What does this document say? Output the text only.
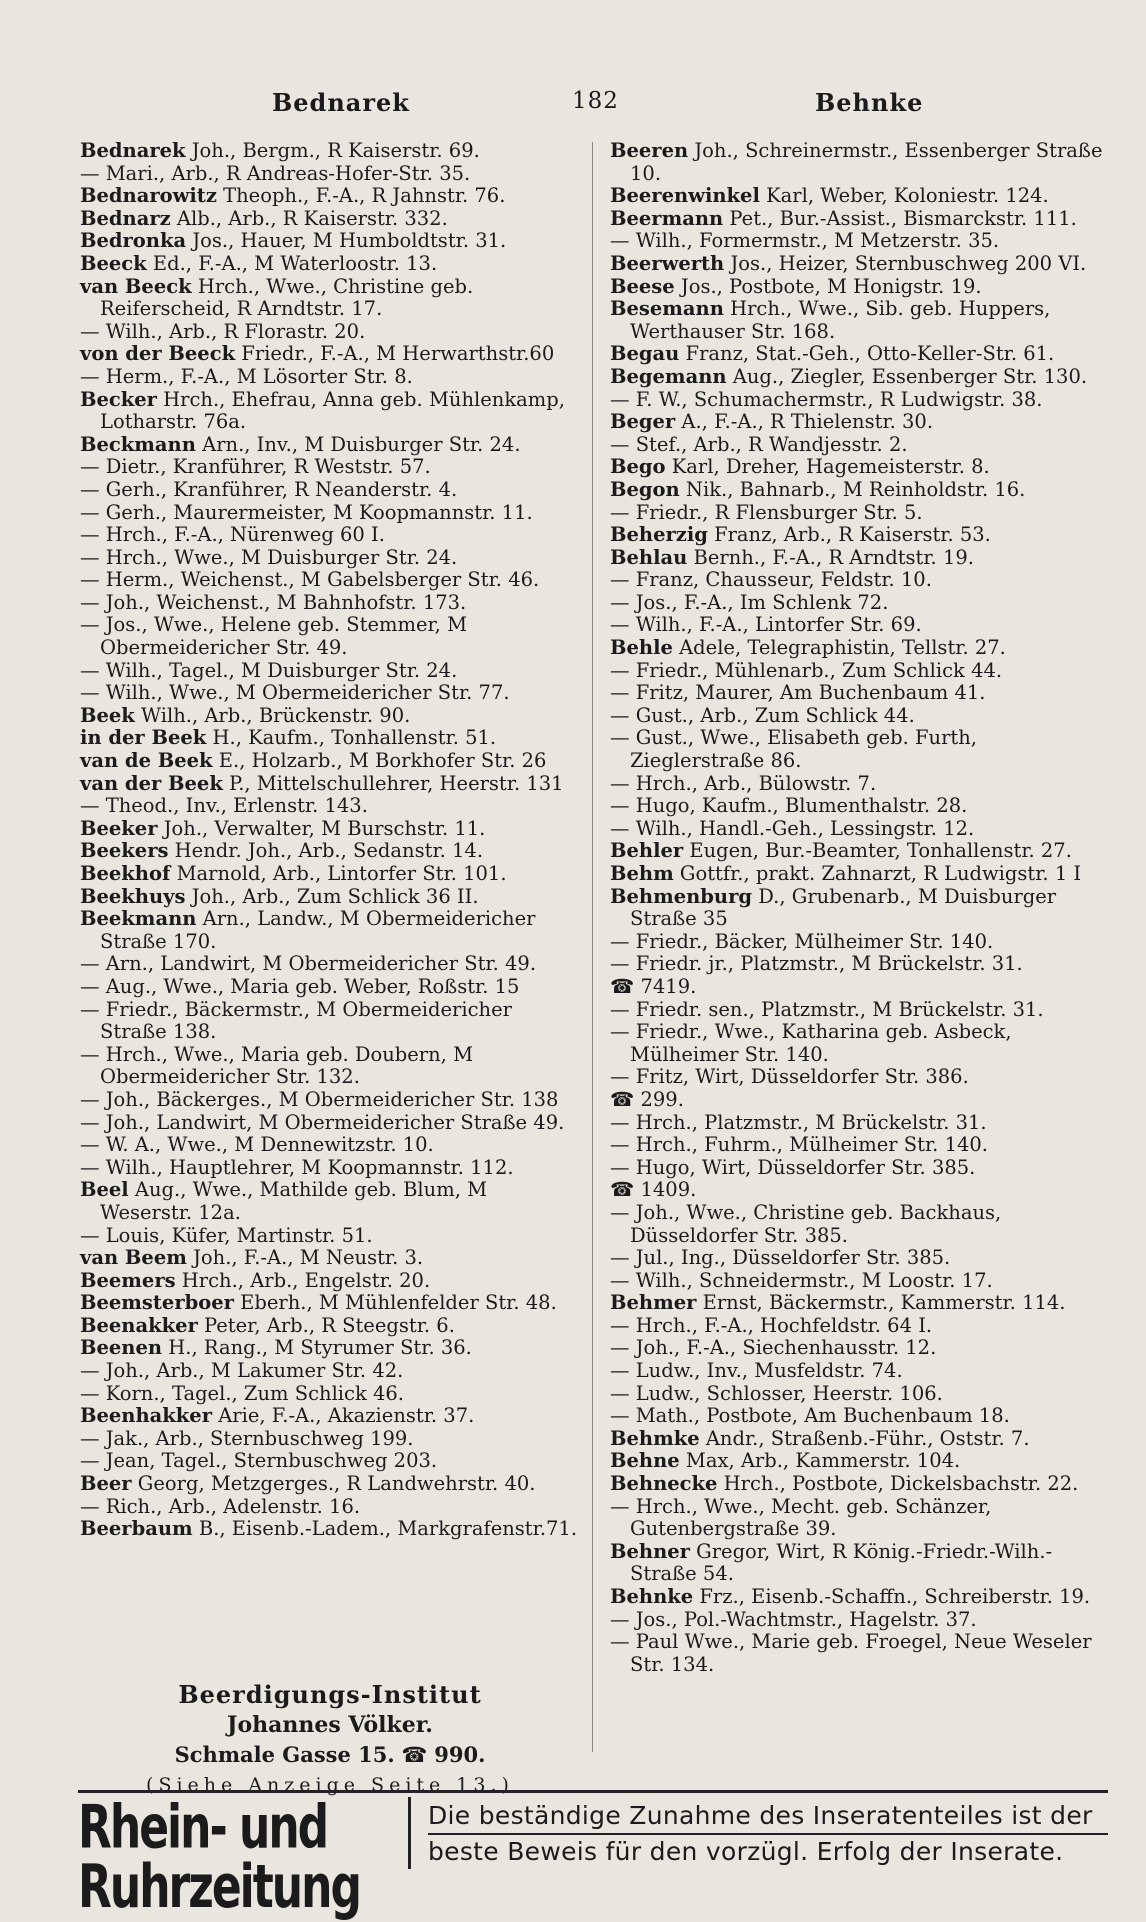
Bednarek	182	Behnke
Bednarek Joh., Bergm., R Kaiserstr. 69.
— Mari., Arb., R Andreas-Hofer-Str. 35.
Bednarowitz Theoph., F.-A., R Jahnstr. 76.
Bednarz Alb., Arb., R Kaiserstr. 332.
Bedronka Jos., Hauer, M Humboldtstr. 31.
Beeck Ed., F.-A., M Waterloostr. 13.
van Beeck Hrch., Wwe., Christine geb. Reiferscheid, R Arndtstr. 17.
— Wilh., Arb., R Florastr. 20.
von der Beeck Friedr., F.-A., M Herwarthstr.60
— Herm., F.-A., M Lösorter Str. 8.
Becker Hrch., Ehefrau, Anna geb. Mühlenkamp, Lotharstr. 76a.
Beckmann Arn., Inv., M Duisburger Str. 24.
— Dietr., Kranführer, R Weststr. 57.
— Gerh., Kranführer, R Neanderstr. 4.
— Gerh., Maurermeister, M Koopmannstr. 11.
— Hrch., F.-A., Nürenweg 60 I.
— Hrch., Wwe., M Duisburger Str. 24.
— Herm., Weichenst., M Gabelsberger Str. 46.
— Joh., Weichenst., M Bahnhofstr. 173.
— Jos., Wwe., Helene geb. Stemmer, M Obermeidericher Str. 49.
— Wilh., Tagel., M Duisburger Str. 24.
— Wilh., Wwe., M Obermeidericher Str. 77.
Beek Wilh., Arb., Brückenstr. 90.
in der Beek H., Kaufm., Tonhallenstr. 51.
van de Beek E., Holzarb., M Borkhofer Str. 26
van der Beek P., Mittelschullehrer, Heerstr. 131
— Theod., Inv., Erlenstr. 143.
Beeker Joh., Verwalter, M Burschstr. 11.
Beekers Hendr. Joh., Arb., Sedanstr. 14.
Beekhof Marnold, Arb., Lintorfer Str. 101.
Beekhuys Joh., Arb., Zum Schlick 36 II.
Beekmann Arn., Landw., M Obermeidericher Straße 170.
— Arn., Landwirt, M Obermeidericher Str. 49.
— Aug., Wwe., Maria geb. Weber, Roßstr. 15
— Friedr., Bäckermstr., M Obermeidericher Straße 138.
— Hrch., Wwe., Maria geb. Doubern, M Obermeidericher Str. 132.
— Joh., Bäckerges., M Obermeidericher Str. 138
— Joh., Landwirt, M Obermeidericher Straße 49.
— W. A., Wwe., M Dennewitzstr. 10.
— Wilh., Hauptlehrer, M Koopmannstr. 112.
Beel Aug., Wwe., Mathilde geb. Blum, M Weserstr. 12a.
— Louis, Küfer, Martinstr. 51.
van Beem Joh., F.-A., M Neustr. 3.
Beemers Hrch., Arb., Engelstr. 20.
Beemsterboer Eberh., M Mühlenfelder Str. 48.
Beenakker Peter, Arb., R Steegstr. 6.
Beenen H., Rang., M Styrumer Str. 36.
— Joh., Arb., M Lakumer Str. 42.
— Korn., Tagel., Zum Schlick 46.
Beenhakker Arie, F.-A., Akazienstr. 37.
— Jak., Arb., Sternbuschweg 199.
— Jean, Tagel., Sternbuschweg 203.
Beer Georg, Metzgerges., R Landwehrstr. 40.
— Rich., Arb., Adelenstr. 16.
Beerbaum B., Eisenb.-Ladem., Markgrafenstr.71.
Beeren Joh., Schreinermstr., Essenberger Straße 10.
Beerenwinkel Karl, Weber, Koloniestr. 124.
Beermann Pet., Bur.-Assist., Bismarckstr. 111.
— Wilh., Formermstr., M Metzerstr. 35.
Beerwerth Jos., Heizer, Sternbuschweg 200 VI.
Beese Jos., Postbote, M Honigstr. 19.
Besemann Hrch., Wwe., Sib. geb. Huppers, Werthauser Str. 168.
Begau Franz, Stat.-Geh., Otto-Keller-Str. 61.
Begemann Aug., Ziegler, Essenberger Str. 130.
— F. W., Schumachermstr., R Ludwigstr. 38.
Beger A., F.-A., R Thielenstr. 30.
— Stef., Arb., R Wandjesstr. 2.
Bego Karl, Dreher, Hagemeisterstr. 8.
Begon Nik., Bahnarb., M Reinholdstr. 16.
— Friedr., R Flensburger Str. 5.
Beherzig Franz, Arb., R Kaiserstr. 53.
Behlau Bernh., F.-A., R Arndtstr. 19.
— Franz, Chausseur, Feldstr. 10.
— Jos., F.-A., Im Schlenk 72.
— Wilh., F.-A., Lintorfer Str. 69.
Behle Adele, Telegraphistin, Tellstr. 27.
— Friedr., Mühlenarb., Zum Schlick 44.
— Fritz, Maurer, Am Buchenbaum 41.
— Gust., Arb., Zum Schlick 44.
— Gust., Wwe., Elisabeth geb. Furth, Zieglerstraße 86.
— Hrch., Arb., Bülowstr. 7.
— Hugo, Kaufm., Blumenthalstr. 28.
— Wilh., Handl.-Geh., Lessingstr. 12.
Behler Eugen, Bur.-Beamter, Tonhallenstr. 27.
Behm Gottfr., prakt. Zahnarzt, R Ludwigstr. 1 I
Behmenburg D., Grubenarb., M Duisburger Straße 35
— Friedr., Bäcker, Mülheimer Str. 140.
— Friedr. jr., Platzmstr., M Brückelstr. 31.
☎ 7419.
— Friedr. sen., Platzmstr., M Brückelstr. 31.
— Friedr., Wwe., Katharina geb. Asbeck, Mülheimer Str. 140.
— Fritz, Wirt, Düsseldorfer Str. 386.
☎ 299.
— Hrch., Platzmstr., M Brückelstr. 31.
— Hrch., Fuhrm., Mülheimer Str. 140.
— Hugo, Wirt, Düsseldorfer Str. 385.
☎ 1409.
— Joh., Wwe., Christine geb. Backhaus, Düsseldorfer Str. 385.
— Jul., Ing., Düsseldorfer Str. 385.
— Wilh., Schneidermstr., M Loostr. 17.
Behmer Ernst, Bäckermstr., Kammerstr. 114.
— Hrch., F.-A., Hochfeldstr. 64 I.
— Joh., F.-A., Siechenhausstr. 12.
— Ludw., Inv., Musfeldstr. 74.
— Ludw., Schlosser, Heerstr. 106.
— Math., Postbote, Am Buchenbaum 18.
Behmke Andr., Straßenb.-Führ., Oststr. 7.
Behne Max, Arb., Kammerstr. 104.
Behnecke Hrch., Postbote, Dickelsbachstr. 22.
— Hrch., Wwe., Mecht. geb. Schänzer, Gutenbergstraße 39.
Behner Gregor, Wirt, R König.-Friedr.-Wilh.-Straße 54.
Behnke Frz., Eisenb.-Schaffn., Schreiberstr. 19.
— Jos., Pol.-Wachtmstr., Hagelstr. 37.
— Paul Wwe., Marie geb. Froegel, Neue Weseler Str. 134.
Beerdigungs-Institut
Johannes Völker.
Schmale Gasse 15. ☎ 990.
(Siehe Anzeige Seite 13.)
Rhein- und Ruhrzeitung
Die beständige Zunahme des Inseratenteiles ist der
beste Beweis für den vorzügl. Erfolg der Inserate.
